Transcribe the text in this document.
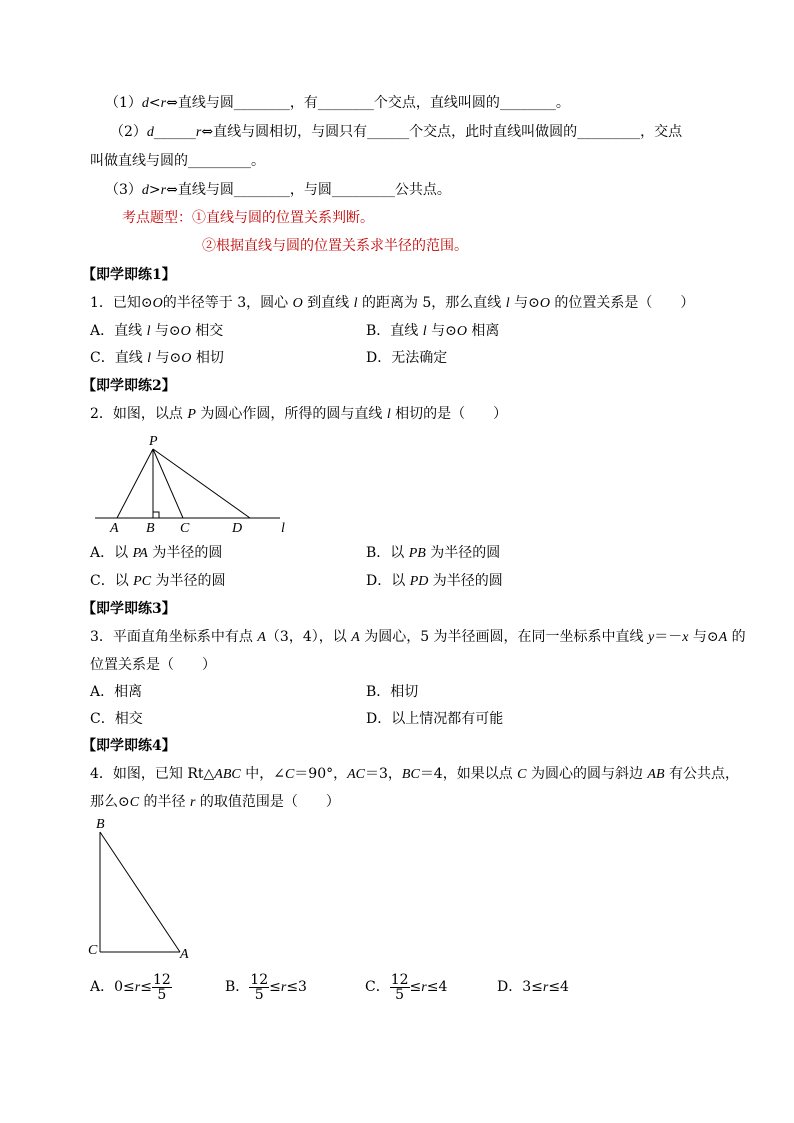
（1）d<r⇔直线与圆________，有________个交点，直线叫圆的________。
（2）d______r⇔直线与圆相切，与圆只有______个交点，此时直线叫做圆的_________，交点
叫做直线与圆的_________。
（3）d>r⇔直线与圆________，与圆_________公共点。
考点题型：①直线与圆的位置关系判断。
②根据直线与圆的位置关系求半径的范围。
【即学即练1】
1．已知⊙O的半径等于 3，圆心 O 到直线 l 的距离为 5，那么直线 l 与⊙O 的位置关系是（　　）
A．直线 l 与⊙O 相交	B．直线 l 与⊙O 相离
C．直线 l 与⊙O 相切	D．无法确定
【即学即练2】
2．如图，以点 P 为圆心作圆，所得的圆与直线 l 相切的是（　　）
P
A B C	D	l
B
C	A
A．以 PA 为半径的圆	B．以 PB 为半径的圆
C．以 PC 为半径的圆	D．以 PD 为半径的圆
【即学即练3】
3．平面直角坐标系中有点 A（3，4），以 A 为圆心，5 为半径画圆，在同一坐标系中直线 y＝－x 与⊙A 的
位置关系是（　　）
A．相离	B．相切
C．相交	D．以上情况都有可能
【即学即练4】
4．如图，已知 Rt△ABC 中，∠C＝90°，AC＝3，BC＝4，如果以点 C 为圆心的圆与斜边 AB 有公共点，
那么⊙C 的半径 r 的取值范围是（　　）
A．$0\le r\le \frac{12}{5}$	B． $\frac{12}{5} \le r\le 3$	C． $\frac{12}{5} \le r\le 4$	D．3≤r≤4
